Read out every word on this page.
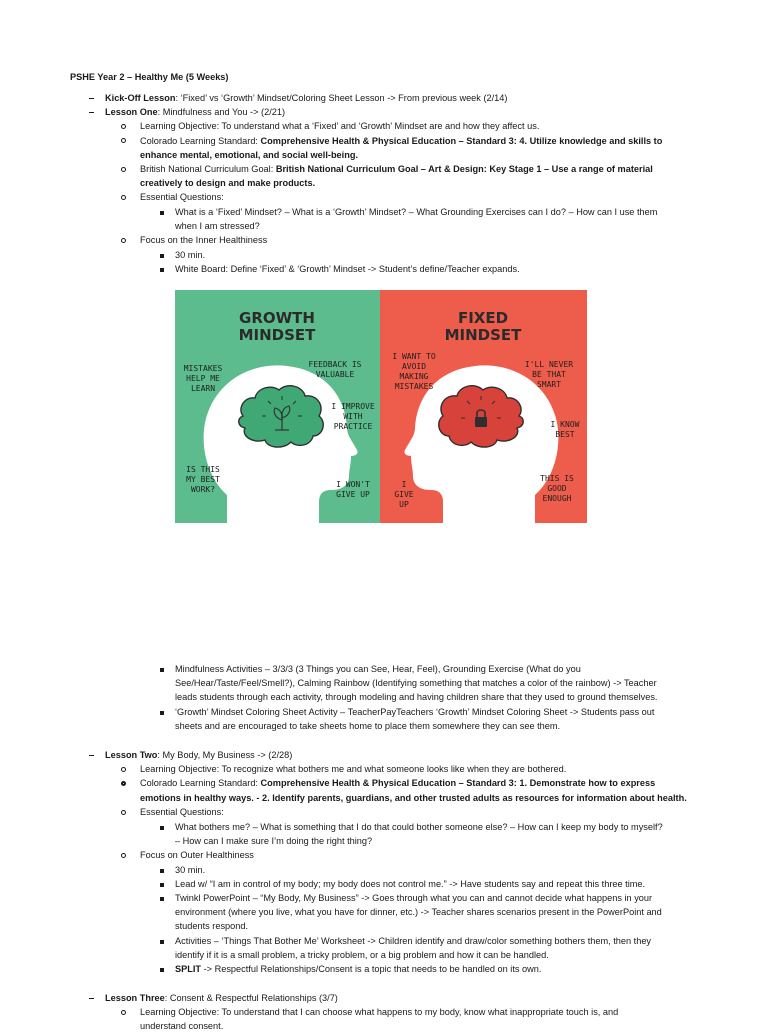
PSHE Year 2 – Healthy Me (5 Weeks)
Kick-Off Lesson: ‘Fixed’ vs ‘Growth’ Mindset/Coloring Sheet Lesson -> From previous week (2/14)
Lesson One: Mindfulness and You -> (2/21)
Learning Objective: To understand what a ‘Fixed’ and ‘Growth’ Mindset are and how they affect us.
Colorado Learning Standard: Comprehensive Health & Physical Education – Standard 3: 4. Utilize knowledge and skills to
enhance mental, emotional, and social well-being.
British National Curriculum Goal: British National Curriculum Goal – Art & Design: Key Stage 1 – Use a range of material
creatively to design and make products.
Essential Questions:
What is a ‘Fixed’ Mindset? – What is a ‘Growth’ Mindset? – What Grounding Exercises can I do? – How can I use them
when I am stressed?
Focus on the Inner Healthiness
30 min.
White Board: Define ‘Fixed’ & ‘Growth’ Mindset -> Student’s define/Teacher expands.
GROWTH
MINDSET
FIXED
MINDSET
MISTAKES HELP ME LEARN
FEEDBACK IS VALUABLE
I IMPROVE WITH PRACTICE
IS THIS MY BEST WORK?
I WON'T GIVE UP
I WANT TO AVOID MAKING MISTAKES
I'LL NEVER BE THAT SMART
I KNOW BEST
I GIVE UP
THIS IS GOOD ENOUGH
Mindfulness Activities – 3/3/3 (3 Things you can See, Hear, Feel), Grounding Exercise (What do you
See/Hear/Taste/Feel/Smell?), Calming Rainbow (Identifying something that matches a color of the rainbow) -> Teacher
leads students through each activity, through modeling and having children share that they used to ground themselves.
‘Growth’ Mindset Coloring Sheet Activity – TeacherPayTeachers ‘Growth’ Mindset Coloring Sheet -> Students pass out
sheets and are encouraged to take sheets home to place them somewhere they can see them.
Lesson Two: My Body, My Business -> (2/28)
Learning Objective: To recognize what bothers me and what someone looks like when they are bothered.
Colorado Learning Standard: Comprehensive Health & Physical Education – Standard 3: 1. Demonstrate how to express
emotions in healthy ways. - 2. Identify parents, guardians, and other trusted adults as resources for information about health.
Essential Questions:
What bothers me? – What is something that I do that could bother someone else? – How can I keep my body to myself?
– How can I make sure I’m doing the right thing?
Focus on Outer Healthiness
30 min.
Lead w/ “I am in control of my body; my body does not control me.” -> Have students say and repeat this three time.
Twinkl PowerPoint – “My Body, My Business” -> Goes through what you can and cannot decide what happens in your
environment (where you live, what you have for dinner, etc.) -> Teacher shares scenarios present in the PowerPoint and
students respond.
Activities – ‘Things That Bother Me’ Worksheet -> Children identify and draw/color something bothers them, then they
identify if it is a small problem, a tricky problem, or a big problem and how it can be handled.
SPLIT -> Respectful Relationships/Consent is a topic that needs to be handled on its own.
Lesson Three: Consent & Respectful Relationships (3/7)
Learning Objective: To understand that I can choose what happens to my body, know what inappropriate touch is, and
understand consent.
